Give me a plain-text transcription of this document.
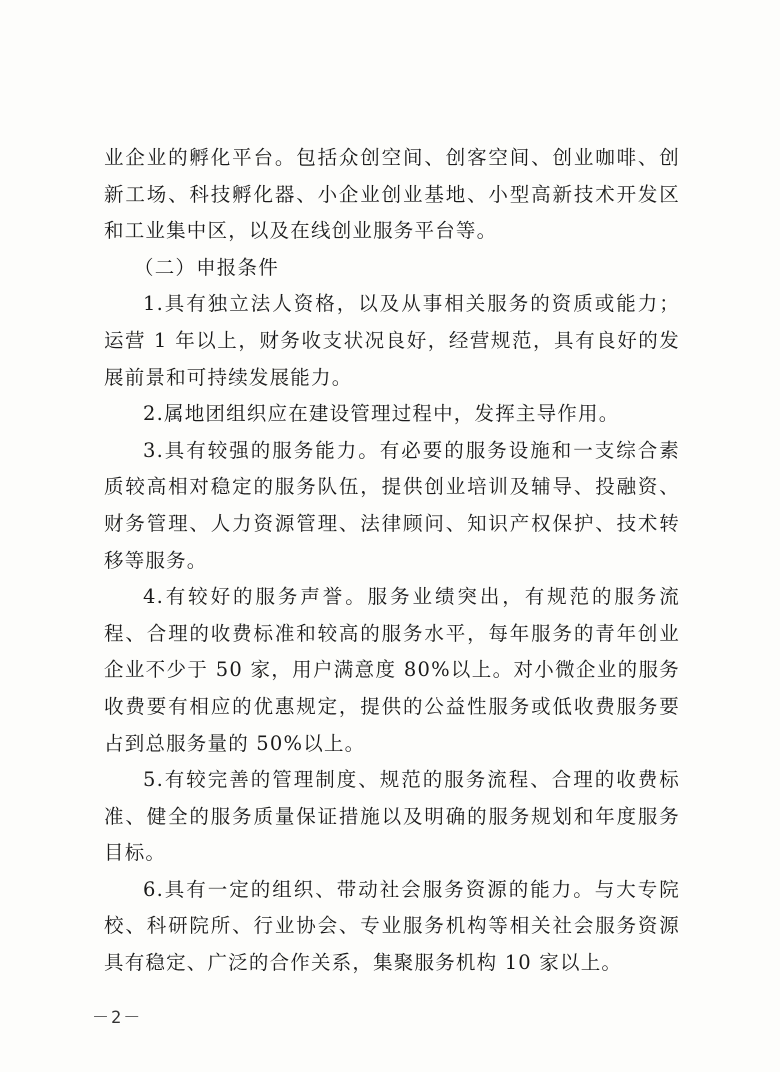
业企业的孵化平台。包括众创空间、创客空间、创业咖啡、创新工场、科技孵化器、小企业创业基地、小型高新技术开发区和工业集中区，以及在线创业服务平台等。

（二）申报条件

1.具有独立法人资格，以及从事相关服务的资质或能力；运营 1 年以上，财务收支状况良好，经营规范，具有良好的发展前景和可持续发展能力。

2.属地团组织应在建设管理过程中，发挥主导作用。

3.具有较强的服务能力。有必要的服务设施和一支综合素质较高相对稳定的服务队伍，提供创业培训及辅导、投融资、财务管理、人力资源管理、法律顾问、知识产权保护、技术转移等服务。

4.有较好的服务声誉。服务业绩突出，有规范的服务流程、合理的收费标准和较高的服务水平，每年服务的青年创业企业不少于 50 家，用户满意度 80%以上。对小微企业的服务收费要有相应的优惠规定，提供的公益性服务或低收费服务要占到总服务量的 50%以上。

5.有较完善的管理制度、规范的服务流程、合理的收费标准、健全的服务质量保证措施以及明确的服务规划和年度服务目标。

6.具有一定的组织、带动社会服务资源的能力。与大专院校、科研院所、行业协会、专业服务机构等相关社会服务资源具有稳定、广泛的合作关系，集聚服务机构 10 家以上。

－2－
